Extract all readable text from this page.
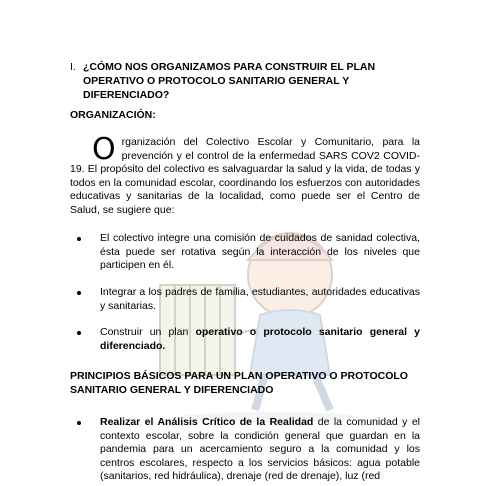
I. ¿CÓMO NOS ORGANIZAMOS PARA CONSTRUIR EL PLAN OPERATIVO O PROTOCOLO SANITARIO GENERAL Y DIFERENCIADO?
ORGANIZACIÓN:
Organización del Colectivo Escolar y Comunitario, para la prevención y el control de la enfermedad SARS COV2 COVID-19. El propósito del colectivo es salvaguardar la salud y la vida, de todas y todos en la comunidad escolar, coordinando los esfuerzos con autoridades educativas y sanitarias de la localidad, como puede ser el Centro de Salud, se sugiere que:
El colectivo integre una comisión de cuidados de sanidad colectiva, ésta puede ser rotativa según la interacción de los niveles que participen en él.
Integrar a los padres de familia, estudiantes, autoridades educativas y sanitarias.
Construir un plan operativo o protocolo sanitario general y diferenciado.
PRINCIPIOS BÁSICOS PARA UN PLAN OPERATIVO O PROTOCOLO SANITARIO GENERAL Y DIFERENCIADO
Realizar el Análisis Crítico de la Realidad de la comunidad y el contexto escolar, sobre la condición general que guardan en la pandemia para un acercamiento seguro a la comunidad y los centros escolares, respecto a los servicios básicos: agua potable (sanitarios, red hidráulica), drenaje (red de drenaje), luz (red
